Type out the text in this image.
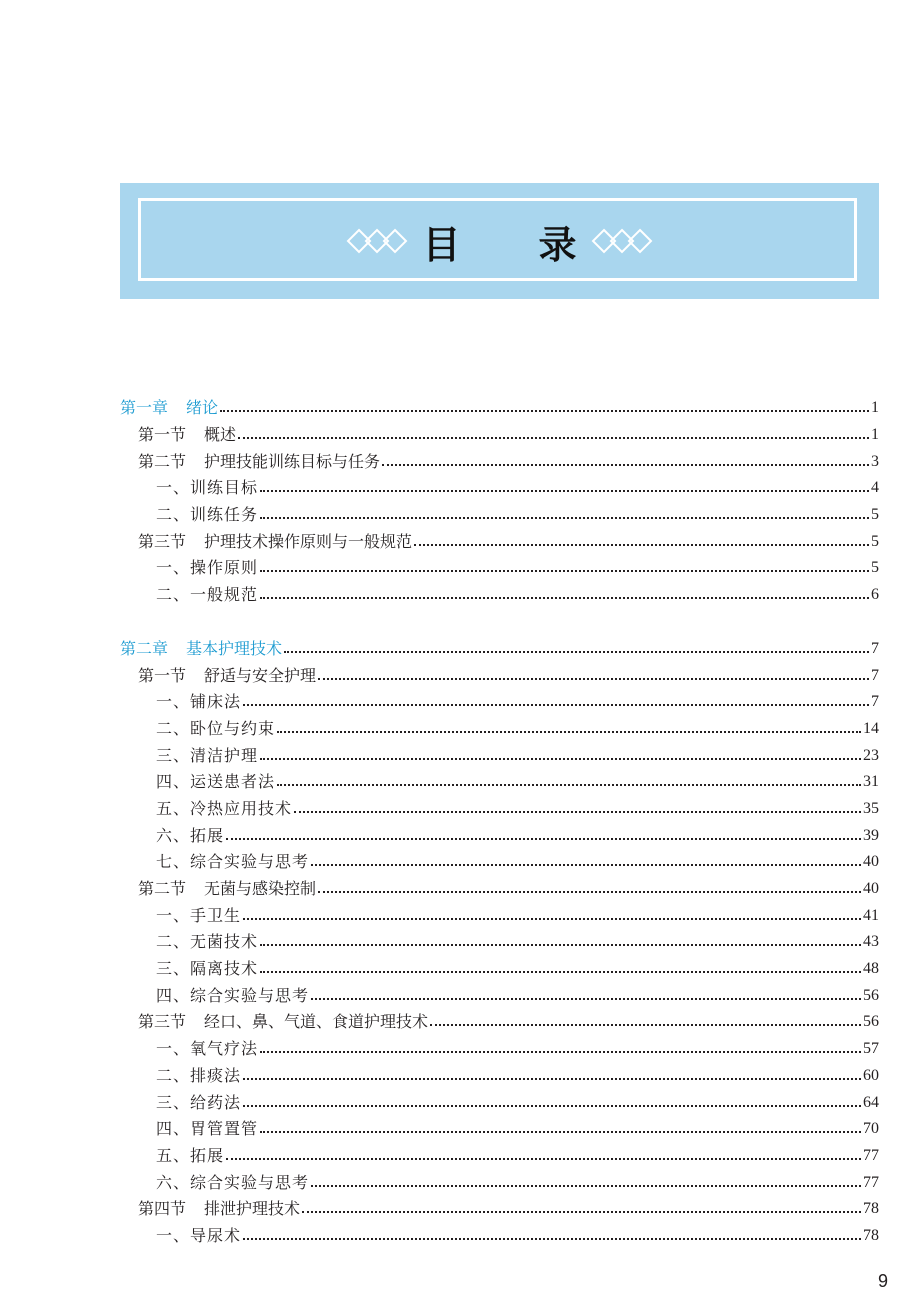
目 录
第一章 绪论	1
第一节 概述	1
第二节 护理技能训练目标与任务	3
一、训练目标	4
二、训练任务	5
第三节 护理技术操作原则与一般规范	5
一、操作原则	5
二、一般规范	6
第二章 基本护理技术	7
第一节 舒适与安全护理	7
一、铺床法	7
二、卧位与约束	14
三、清洁护理	23
四、运送患者法	31
五、冷热应用技术	35
六、拓展	39
七、综合实验与思考	40
第二节 无菌与感染控制	40
一、手卫生	41
二、无菌技术	43
三、隔离技术	48
四、综合实验与思考	56
第三节 经口、鼻、气道、食道护理技术	56
一、氧气疗法	57
二、排痰法	60
三、给药法	64
四、胃管置管	70
五、拓展	77
六、综合实验与思考	77
第四节 排泄护理技术	78
一、导尿术	78
9
